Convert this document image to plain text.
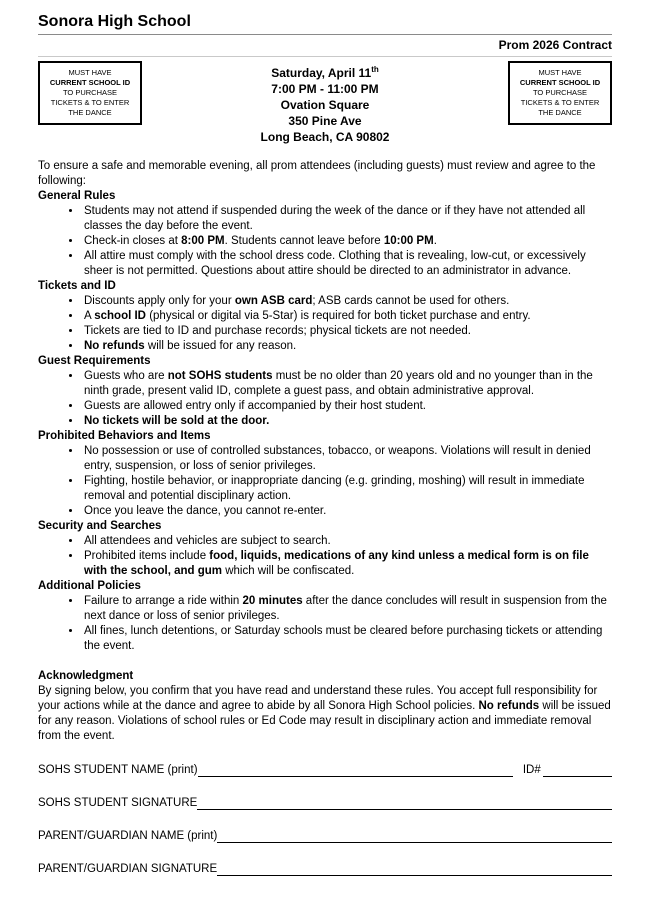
Sonora High School
Prom 2026 Contract
MUST HAVE
CURRENT SCHOOL ID
TO PURCHASE
TICKETS & TO ENTER
THE DANCE
Saturday, April 11th
7:00 PM - 11:00 PM
Ovation Square
350 Pine Ave
Long Beach, CA 90802
MUST HAVE
CURRENT SCHOOL ID
TO PURCHASE
TICKETS & TO ENTER
THE DANCE

To ensure a safe and memorable evening, all prom attendees (including guests) must review and agree to the following:

General Rules
• Students may not attend if suspended during the week of the dance or if they have not attended all classes the day before the event.
• Check-in closes at 8:00 PM. Students cannot leave before 10:00 PM.
• All attire must comply with the school dress code. Clothing that is revealing, low-cut, or excessively sheer is not permitted. Questions about attire should be directed to an administrator in advance.
Tickets and ID
• Discounts apply only for your own ASB card; ASB cards cannot be used for others.
• A school ID (physical or digital via 5-Star) is required for both ticket purchase and entry.
• Tickets are tied to ID and purchase records; physical tickets are not needed.
• No refunds will be issued for any reason.
Guest Requirements
• Guests who are not SOHS students must be no older than 20 years old and no younger than in the ninth grade, present valid ID, complete a guest pass, and obtain administrative approval.
• Guests are allowed entry only if accompanied by their host student.
• No tickets will be sold at the door.
Prohibited Behaviors and Items
• No possession or use of controlled substances, tobacco, or weapons. Violations will result in denied entry, suspension, or loss of senior privileges.
• Fighting, hostile behavior, or inappropriate dancing (e.g. grinding, moshing) will result in immediate removal and potential disciplinary action.
• Once you leave the dance, you cannot re-enter.
Security and Searches
• All attendees and vehicles are subject to search.
• Prohibited items include food, liquids, medications of any kind unless a medical form is on file with the school, and gum which will be confiscated.
Additional Policies
• Failure to arrange a ride within 20 minutes after the dance concludes will result in suspension from the next dance or loss of senior privileges.
• All fines, lunch detentions, or Saturday schools must be cleared before purchasing tickets or attending the event.
Acknowledgment

By signing below, you confirm that you have read and understand these rules. You accept full responsibility for your actions while at the dance and agree to abide by all Sonora High School policies. No refunds will be issued for any reason. Violations of school rules or Ed Code may result in disciplinary action and immediate removal from the event.

SOHS STUDENT NAME (print)	ID#
SOHS STUDENT SIGNATURE
PARENT/GUARDIAN NAME (print)
PARENT/GUARDIAN SIGNATURE
